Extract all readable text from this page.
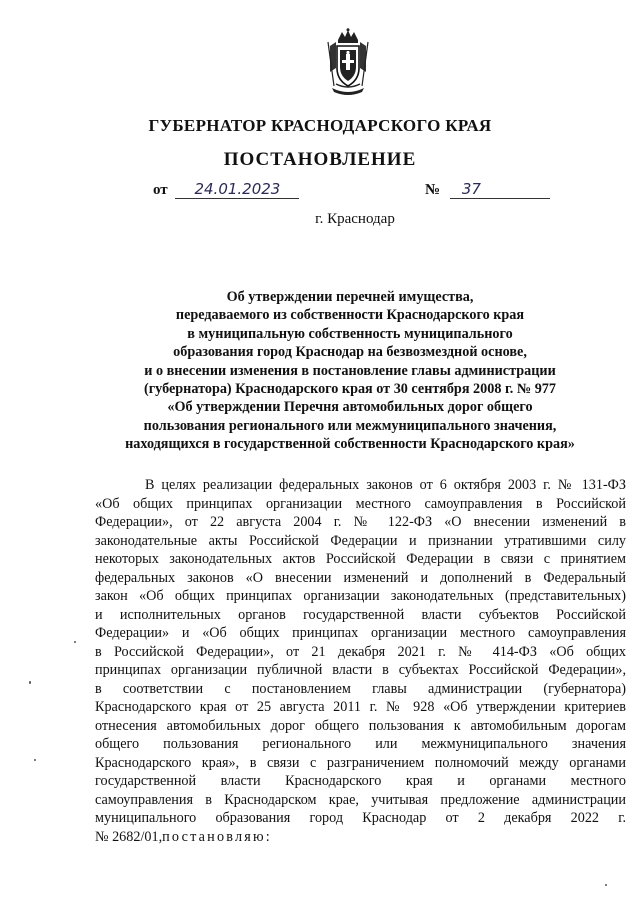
ГУБЕРНАТОР КРАСНОДАРСКОГО КРАЯ
ПОСТАНОВЛЕНИЕ
от 24.01.2023	№ 37
г. Краснодар
Об утверждении перечней имущества,
передаваемого из собственности Краснодарского края
в муниципальную собственность муниципального
образования город Краснодар на безвозмездной основе,
и о внесении изменения в постановление главы администрации
(губернатора) Краснодарского края от 30 сентября 2008 г. № 977
«Об утверждении Перечня автомобильных дорог общего
пользования регионального или межмуниципального значения,
находящихся в государственной собственности Краснодарского края»
В целях реализации федеральных законов от 6 октября 2003 г. № 131-ФЗ
«Об общих принципах организации местного самоуправления в Российской
Федерации», от 22 августа 2004 г. № 122-ФЗ «О внесении изменений в
законодательные акты Российской Федерации и признании утратившими силу
некоторых законодательных актов Российской Федерации в связи с принятием
федеральных законов «О внесении изменений и дополнений в Федеральный
закон «Об общих принципах организации законодательных (представительных)
и исполнительных органов государственной власти субъектов Российской
Федерации» и «Об общих принципах организации местного самоуправления
в Российской Федерации», от 21 декабря 2021 г. № 414-ФЗ «Об общих
принципах организации публичной власти в субъектах Российской Федерации»,
в соответствии с постановлением главы администрации (губернатора)
Краснодарского края от 25 августа 2011 г. № 928 «Об утверждении критериев
отнесения автомобильных дорог общего пользования к автомобильным дорогам
общего пользования регионального или межмуниципального значения
Краснодарского края», в связи с разграничением полномочий между органами
государственной власти Краснодарского края и органами местного
самоуправления в Краснодарском крае, учитывая предложение администрации
муниципального образования город Краснодар от 2 декабря 2022 г.
№ 2682/01,постановляю:
